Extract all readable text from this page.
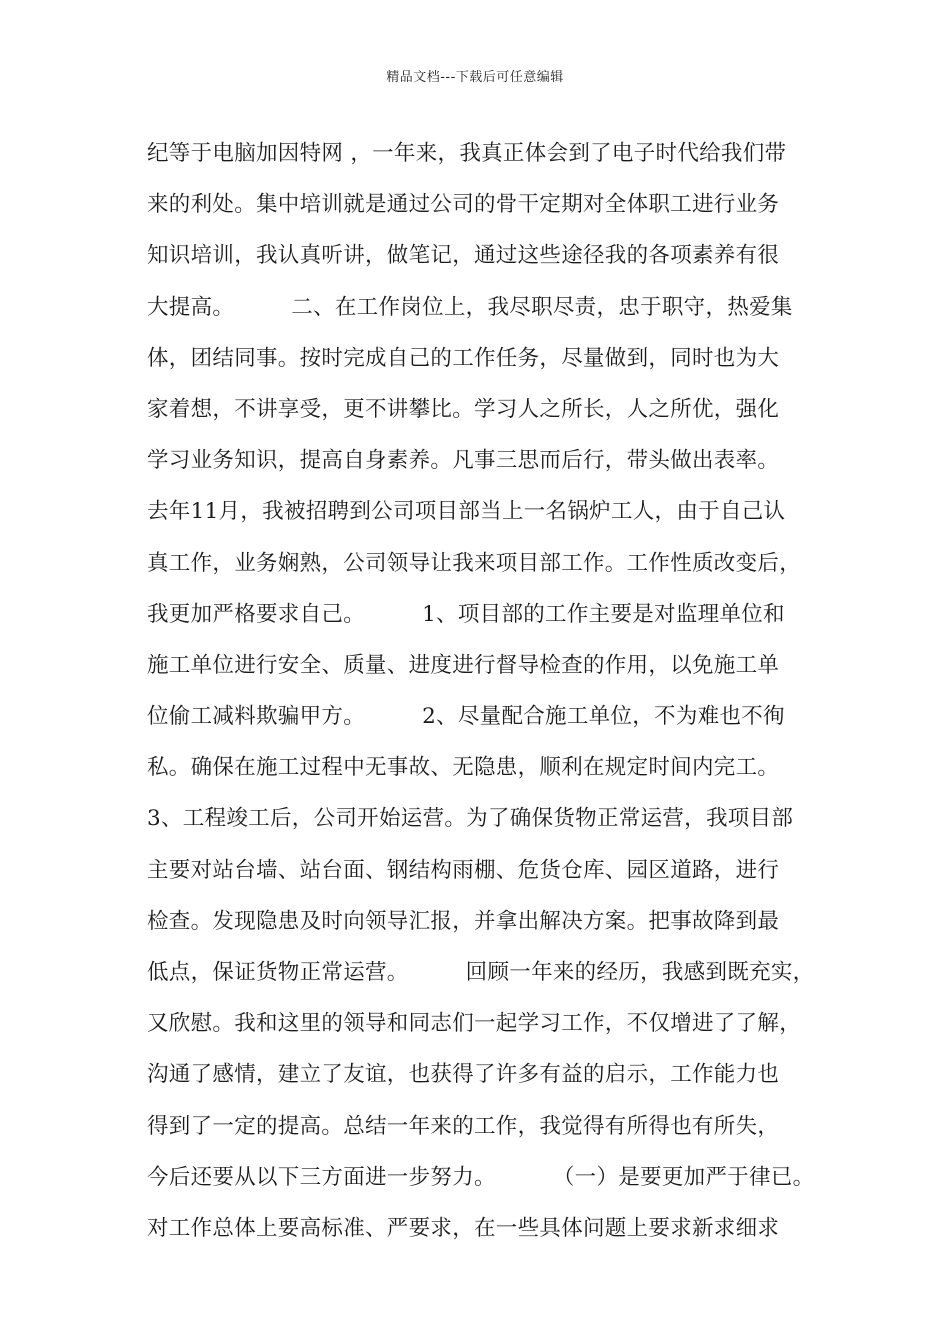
精品文档---下载后可任意编辑
纪等于电脑加因特网 ，一年来，我真正体会到了电子时代给我们带
来的利处。集中培训就是通过公司的骨干定期对全体职工进行业务
知识培训，我认真听讲，做笔记，通过这些途径我的各项素养有很
大提高。        二、在工作岗位上，我尽职尽责，忠于职守，热爱集
体，团结同事。按时完成自己的工作任务，尽量做到，同时也为大
家着想，不讲享受，更不讲攀比。学习人之所长，人之所优，强化
学习业务知识，提高自身素养。凡事三思而后行，带头做出表率。
去年11月，我被招聘到公司项目部当上一名锅炉工人，由于自己认
真工作，业务娴熟，公司领导让我来项目部工作。工作性质改变后，
我更加严格要求自己。        1、项目部的工作主要是对监理单位和
施工单位进行安全、质量、进度进行督导检查的作用，以免施工单
位偷工减料欺骗甲方。        2、尽量配合施工单位，不为难也不徇
私。确保在施工过程中无事故、无隐患，顺利在规定时间内完工。
3、工程竣工后，公司开始运营。为了确保货物正常运营，我项目部
主要对站台墙、站台面、钢结构雨棚、危货仓库、园区道路，进行
检查。发现隐患及时向领导汇报，并拿出解决方案。把事故降到最
低点，保证货物正常运营。        回顾一年来的经历，我感到既充实，
又欣慰。我和这里的领导和同志们一起学习工作，不仅增进了了解，
沟通了感情，建立了友谊，也获得了许多有益的启示，工作能力也
得到了一定的提高。总结一年来的工作，我觉得有所得也有所失，
今后还要从以下三方面进一步努力。        （一）是要更加严于律已。
对工作总体上要高标准、严要求，在一些具体问题上要求新求细求
